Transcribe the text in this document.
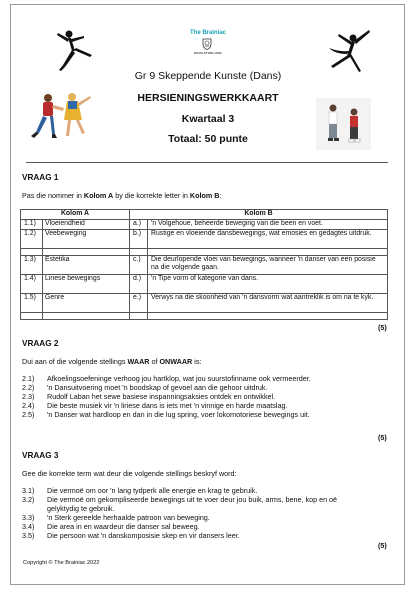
The Brainiac
EDUCATION HUB
Gr 9 Skeppende Kunste (Dans)
HERSIENINGSWERKKAART
Kwartaal 3
Totaal: 50 punte
VRAAG 1
Pas die nommer in Kolom A by die korrekte letter in Kolom B:
Kolom A		Kolom B	
1.1)	Vloeiendheid	a.)	'n Volgehoue, beheerde beweging van die been en voet.
1.2)	Veebeweging	b.)	Rustige en vloeiende dansbewegings, wat emosies en gedagtes uitdruk.

1.3)	Estetika	c.)	Die deurlopende vloei van bewegings, wanneer 'n danser van een posisie na die volgende gaan.
1.4)	Liriese bewegings	d.)	'n Tipe vorm of kategorie van dans.
1.5)	Genre	e.)	Verwys na die skoonheid van 'n dansvorm wat aantreklik is om na te kyk.

(5)
VRAAG 2
Dui aan of die volgende stellings WAAR of ONWAAR is:
2.1)	Afkoelingsoefeninge verhoog jou hartklop, wat jou suurstofinname ook vermeerder.
2.2)	'n Dansuitvoering moet 'n boodskap of gevoel aan die gehoor uitdruk.
2.3)	Rudolf Laban het sewe basiese inspanningsaksies ontdek en ontwikkel.
2.4)	Die beste musiek vir 'n liriese dans is iets met 'n vinnige en harde maatslag.
2.5)	'n Danser wat hardloop en dan in die lug spring, voer lokomotoriese bewegings uit.
(5)
VRAAG 3
Gee die korrekte term wat deur die volgende stellings beskryf word:
3.1)	Die vermoë om oor 'n lang tydperk alle energie en krag te gebruik.
3.2)	Die vermoë om gekompliseerde bewegings uit te voer deur jou buik, arms, bene, kop en oë gelyktydig te gebruik.
3.3)	'n Sterk gereelde herhaalde patroon van beweging.
3.4)	Die area in en waardeur die danser sal beweeg.
3.5)	Die persoon wat 'n danskomposisie skep en vir dansers leer.
(5)
Copyright © The Brainiac 2022
